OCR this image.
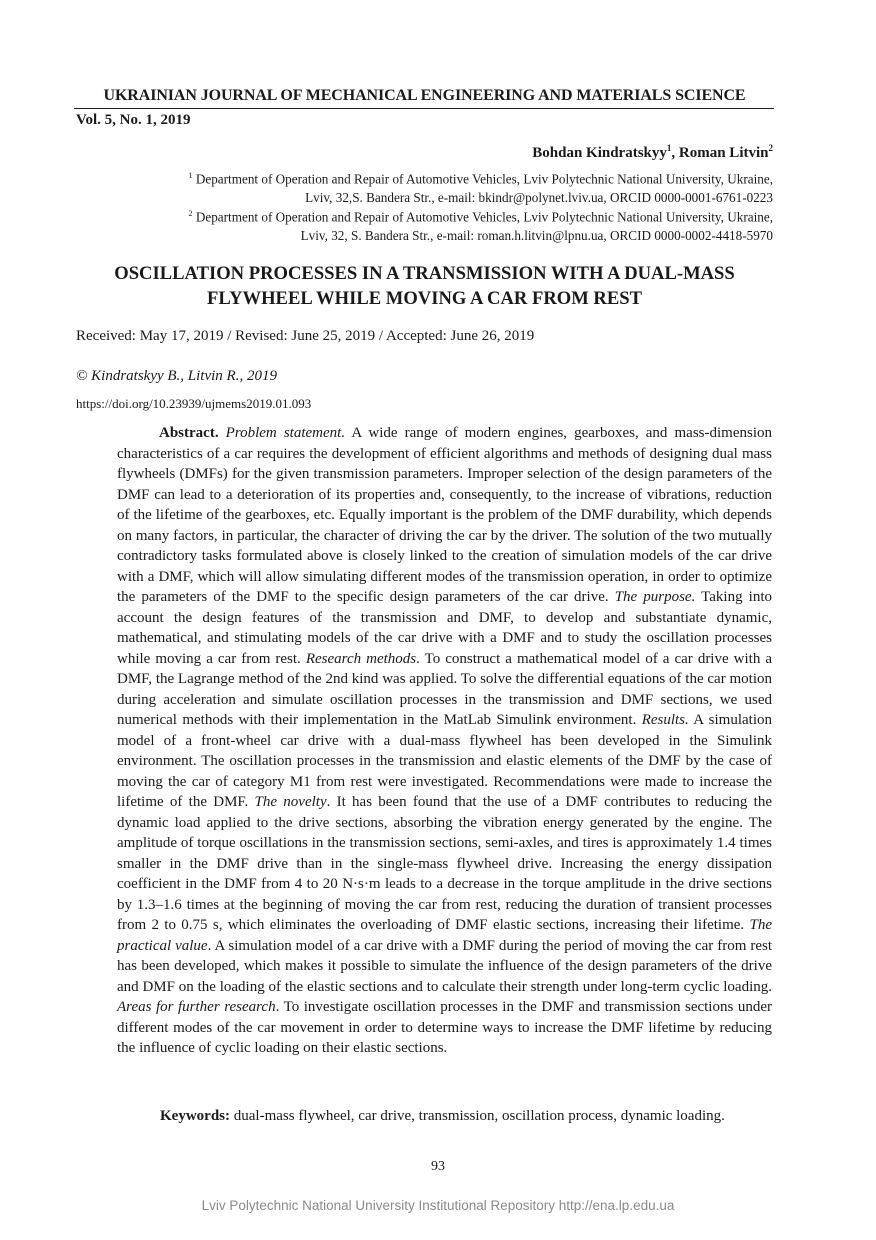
UKRAINIAN JOURNAL OF MECHANICAL ENGINEERING AND MATERIALS SCIENCE
Vol. 5, No. 1, 2019
Bohdan Kindratskyy$^1$, Roman Litvin$^2$
$^1$ Department of Operation and Repair of Automotive Vehicles, Lviv Polytechnic National University, Ukraine,
Lviv, 32,S. Bandera Str., e-mail: bkindr@polynet.lviv.ua, ORCID 0000-0001-6761-0223
$^2$ Department of Operation and Repair of Automotive Vehicles, Lviv Polytechnic National University, Ukraine,
Lviv, 32, S. Bandera Str., e-mail: roman.h.litvin@lpnu.ua, ORCID 0000-0002-4418-5970
OSCILLATION PROCESSES IN A TRANSMISSION WITH A DUAL-MASS
FLYWHEEL WHILE MOVING A CAR FROM REST
Received: May 17, 2019 / Revised: June 25, 2019 / Accepted: June 26, 2019
© Kindratskyy B., Litvin R., 2019
https://doi.org/10.23939/ujmems2019.01.093

Abstract. Problem statement. A wide range of modern engines, gearboxes, and mass-dimension characteristics of a car requires the development of efficient algorithms and methods of designing dual mass flywheels (DMFs) for the given transmission parameters. Improper selection of the design parameters of the DMF can lead to a deterioration of its properties and, consequently, to the increase of vibrations, reduction of the lifetime of the gearboxes, etc. Equally important is the problem of the DMF durability, which depends on many factors, in particular, the character of driving the car by the driver. The solution of the two mutually contradictory tasks formulated above is closely linked to the creation of simulation models of the car drive with a DMF, which will allow simulating different modes of the transmission operation, in order to optimize the parameters of the DMF to the specific design parameters of the car drive. The purpose. Taking into account the design features of the transmission and DMF, to develop and substantiate dynamic, mathematical, and stimulating models of the car drive with a DMF and to study the oscillation processes while moving a car from rest. Research methods. To construct a mathematical model of a car drive with a DMF, the Lagrange method of the 2nd kind was applied. To solve the differential equations of the car motion during acceleration and simulate oscillation processes in the transmission and DMF sections, we used numerical methods with their implementation in the MatLab Simulink environment. Results. A simulation model of a front-wheel car drive with a dual-mass flywheel has been developed in the Simulink environment. The oscillation processes in the transmission and elastic elements of the DMF by the case of moving the car of category M1 from rest were investigated. Recommendations were made to increase the lifetime of the DMF. The novelty. It has been found that the use of a DMF contributes to reducing the dynamic load applied to the drive sections, absorbing the vibration energy generated by the engine. The amplitude of torque oscillations in the transmission sections, semi-axles, and tires is approximately 1.4 times smaller in the DMF drive than in the single-mass flywheel drive. Increasing the energy dissipation coefficient in the DMF from 4 to 20 N·s·m leads to a decrease in the torque amplitude in the drive sections by 1.3–1.6 times at the beginning of moving the car from rest, reducing the duration of transient processes from 2 to 0.75 s, which eliminates the overloading of DMF elastic sections, increasing their lifetime. The practical value. A simulation model of a car drive with a DMF during the period of moving the car from rest has been developed, which makes it possible to simulate the influence of the design parameters of the drive and DMF on the loading of the elastic sections and to calculate their strength under long-term cyclic loading. Areas for further research. To investigate oscillation processes in the DMF and transmission sections under different modes of the car movement in order to determine ways to increase the DMF lifetime by reducing the influence of cyclic loading on their elastic sections.

Keywords: dual-mass flywheel, car drive, transmission, oscillation process, dynamic loading.
93
Lviv Polytechnic National University Institutional Repository http://ena.lp.edu.ua
